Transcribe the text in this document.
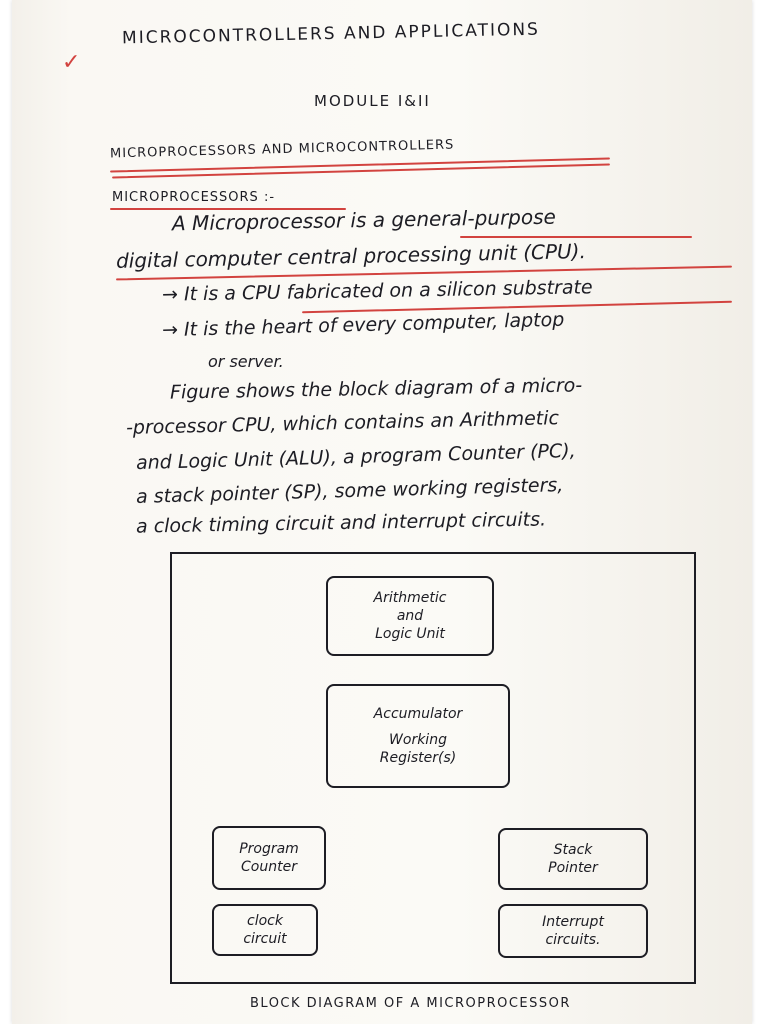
✓
MICROCONTROLLERS AND APPLICATIONS
MODULE I&II
MICROPROCESSORS AND MICROCONTROLLERS
MICROPROCESSORS :-
A Microprocessor is a general-purpose
digital computer central processing unit (CPU).
→ It is a CPU fabricated on a silicon substrate
→ It is the heart of every computer, laptop
or server.
Figure shows the block diagram of a micro-
-processor CPU, which contains an Arithmetic
and Logic Unit (ALU), a program Counter (PC),
a stack pointer (SP), some working registers,
a clock timing circuit and interrupt circuits.
Arithmetic
and
Logic Unit
Accumulator
Working
Register(s)
Program
Counter
Stack
Pointer
clock
circuit
Interrupt
circuits.
BLOCK DIAGRAM OF A MICROPROCESSOR
